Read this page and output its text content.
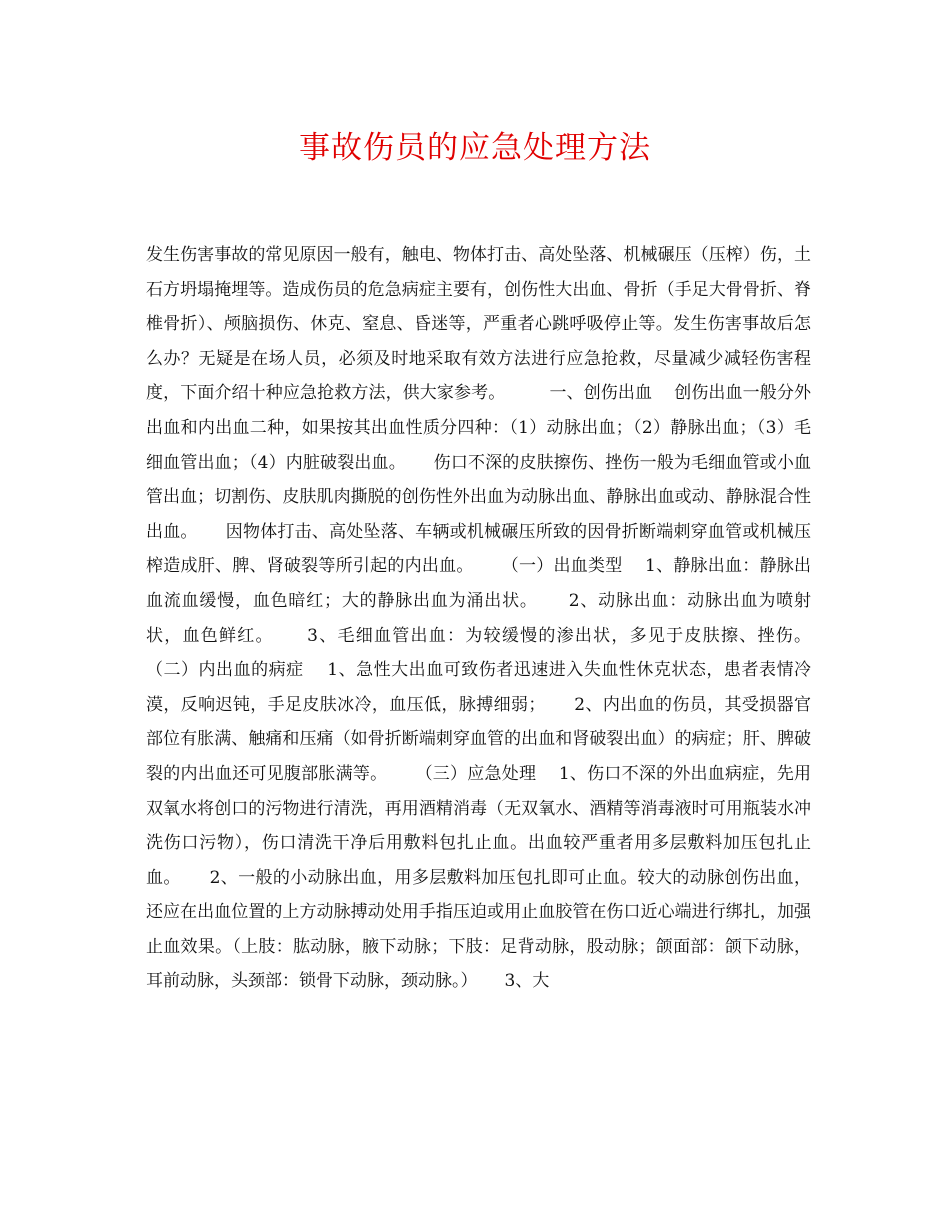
事故伤员的应急处理方法

发生伤害事故的常见原因一般有，触电、物体打击、高处坠落、机械碾压（压榨）伤，土石方坍塌掩埋等。造成伤员的危急病症主要有，创伤性大出血、骨折（手足大骨骨折、脊椎骨折）、颅脑损伤、休克、窒息、昏迷等，严重者心跳呼吸停止等。发生伤害事故后怎么办？无疑是在场人员，必须及时地采取有效方法进行应急抢救，尽量减少减轻伤害程度，下面介绍十种应急抢救方法，供大家参考。        一、创伤出血    创伤出血一般分外出血和内出血二种，如果按其出血性质分四种：（1）动脉出血；（2）静脉出血；（3）毛细血管出血；（4）内脏破裂出血。     伤口不深的皮肤擦伤、挫伤一般为毛细血管或小血管出血；切割伤、皮肤肌肉撕脱的创伤性外出血为动脉出血、静脉出血或动、静脉混合性出血。     因物体打击、高处坠落、车辆或机械碾压所致的因骨折断端刺穿血管或机械压榨造成肝、脾、肾破裂等所引起的内出血。     （一）出血类型    1、静脉出血：静脉出血流血缓慢，血色暗红；大的静脉出血为涌出状。     2、动脉出血：动脉出血为喷射状，血色鲜红。     3、毛细血管出血：为较缓慢的渗出状，多见于皮肤擦、挫伤。     （二）内出血的病症    1、急性大出血可致伤者迅速进入失血性休克状态，患者表情冷漠，反响迟钝，手足皮肤冰冷，血压低，脉搏细弱；     2、内出血的伤员，其受损器官部位有胀满、触痛和压痛（如骨折断端刺穿血管的出血和肾破裂出血）的病症；肝、脾破裂的内出血还可见腹部胀满等。     （三）应急处理    1、伤口不深的外出血病症，先用双氧水将创口的污物进行清洗，再用酒精消毒（无双氧水、酒精等消毒液时可用瓶装水冲洗伤口污物），伤口清洗干净后用敷料包扎止血。出血较严重者用多层敷料加压包扎止血。     2、一般的小动脉出血，用多层敷料加压包扎即可止血。较大的动脉创伤出血，还应在出血位置的上方动脉搏动处用手指压迫或用止血胶管在伤口近心端进行绑扎，加强止血效果。（上肢：肱动脉，腋下动脉；下肢：足背动脉，股动脉；颌面部：颌下动脉，耳前动脉，头颈部：锁骨下动脉，颈动脉。）     3、大
